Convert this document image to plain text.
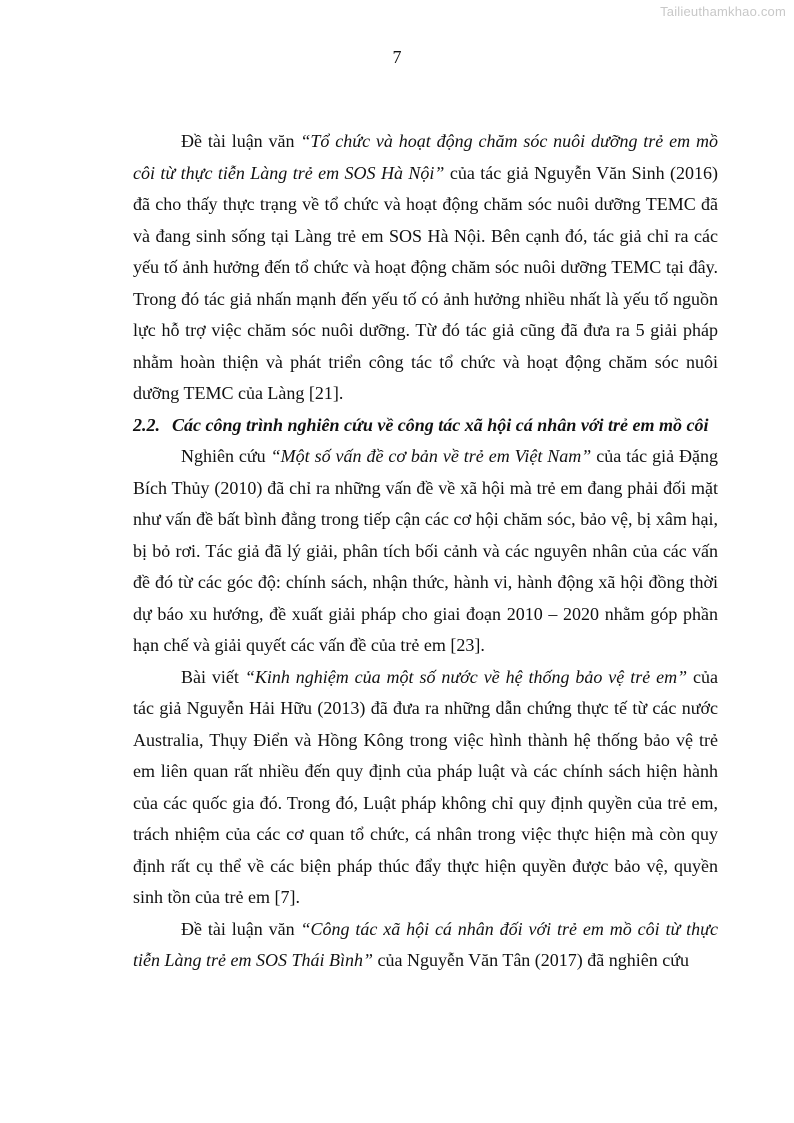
Tailieuthamkhao.com
7

Đề tài luận văn “Tổ chức và hoạt động chăm sóc nuôi dưỡng trẻ em mồ côi từ thực tiễn Làng trẻ em SOS Hà Nội” của tác giả Nguyễn Văn Sinh (2016) đã cho thấy thực trạng về tổ chức và hoạt động chăm sóc nuôi dưỡng TEMC đã và đang sinh sống tại Làng trẻ em SOS Hà Nội. Bên cạnh đó, tác giả chỉ ra các yếu tố ảnh hưởng đến tổ chức và hoạt động chăm sóc nuôi dưỡng TEMC tại đây. Trong đó tác giả nhấn mạnh đến yếu tố có ảnh hưởng nhiều nhất là yếu tố nguồn lực hỗ trợ việc chăm sóc nuôi dưỡng. Từ đó tác giả cũng đã đưa ra 5 giải pháp nhằm hoàn thiện và phát triển công tác tổ chức và hoạt động chăm sóc nuôi dưỡng TEMC của Làng [21].

2.2. Các công trình nghiên cứu về công tác xã hội cá nhân với trẻ em mồ côi

Nghiên cứu “Một số vấn đề cơ bản về trẻ em Việt Nam” của tác giả Đặng Bích Thủy (2010) đã chỉ ra những vấn đề về xã hội mà trẻ em đang phải đối mặt như vấn đề bất bình đẳng trong tiếp cận các cơ hội chăm sóc, bảo vệ, bị xâm hại, bị bỏ rơi. Tác giả đã lý giải, phân tích bối cảnh và các nguyên nhân của các vấn đề đó từ các góc độ: chính sách, nhận thức, hành vi, hành động xã hội đồng thời dự báo xu hướng, đề xuất giải pháp cho giai đoạn 2010 – 2020 nhằm góp phần hạn chế và giải quyết các vấn đề của trẻ em [23].

Bài viết “Kinh nghiệm của một số nước về hệ thống bảo vệ trẻ em” của tác giả Nguyễn Hải Hữu (2013) đã đưa ra những dẫn chứng thực tế từ các nước Australia, Thụy Điển và Hồng Kông trong việc hình thành hệ thống bảo vệ trẻ em liên quan rất nhiều đến quy định của pháp luật và các chính sách hiện hành của các quốc gia đó. Trong đó, Luật pháp không chỉ quy định quyền của trẻ em, trách nhiệm của các cơ quan tổ chức, cá nhân trong việc thực hiện mà còn quy định rất cụ thể về các biện pháp thúc đẩy thực hiện quyền được bảo vệ, quyền sinh tồn của trẻ em [7].

Đề tài luận văn “Công tác xã hội cá nhân đối với trẻ em mồ côi từ thực tiễn Làng trẻ em SOS Thái Bình” của Nguyễn Văn Tân (2017) đã nghiên cứu
